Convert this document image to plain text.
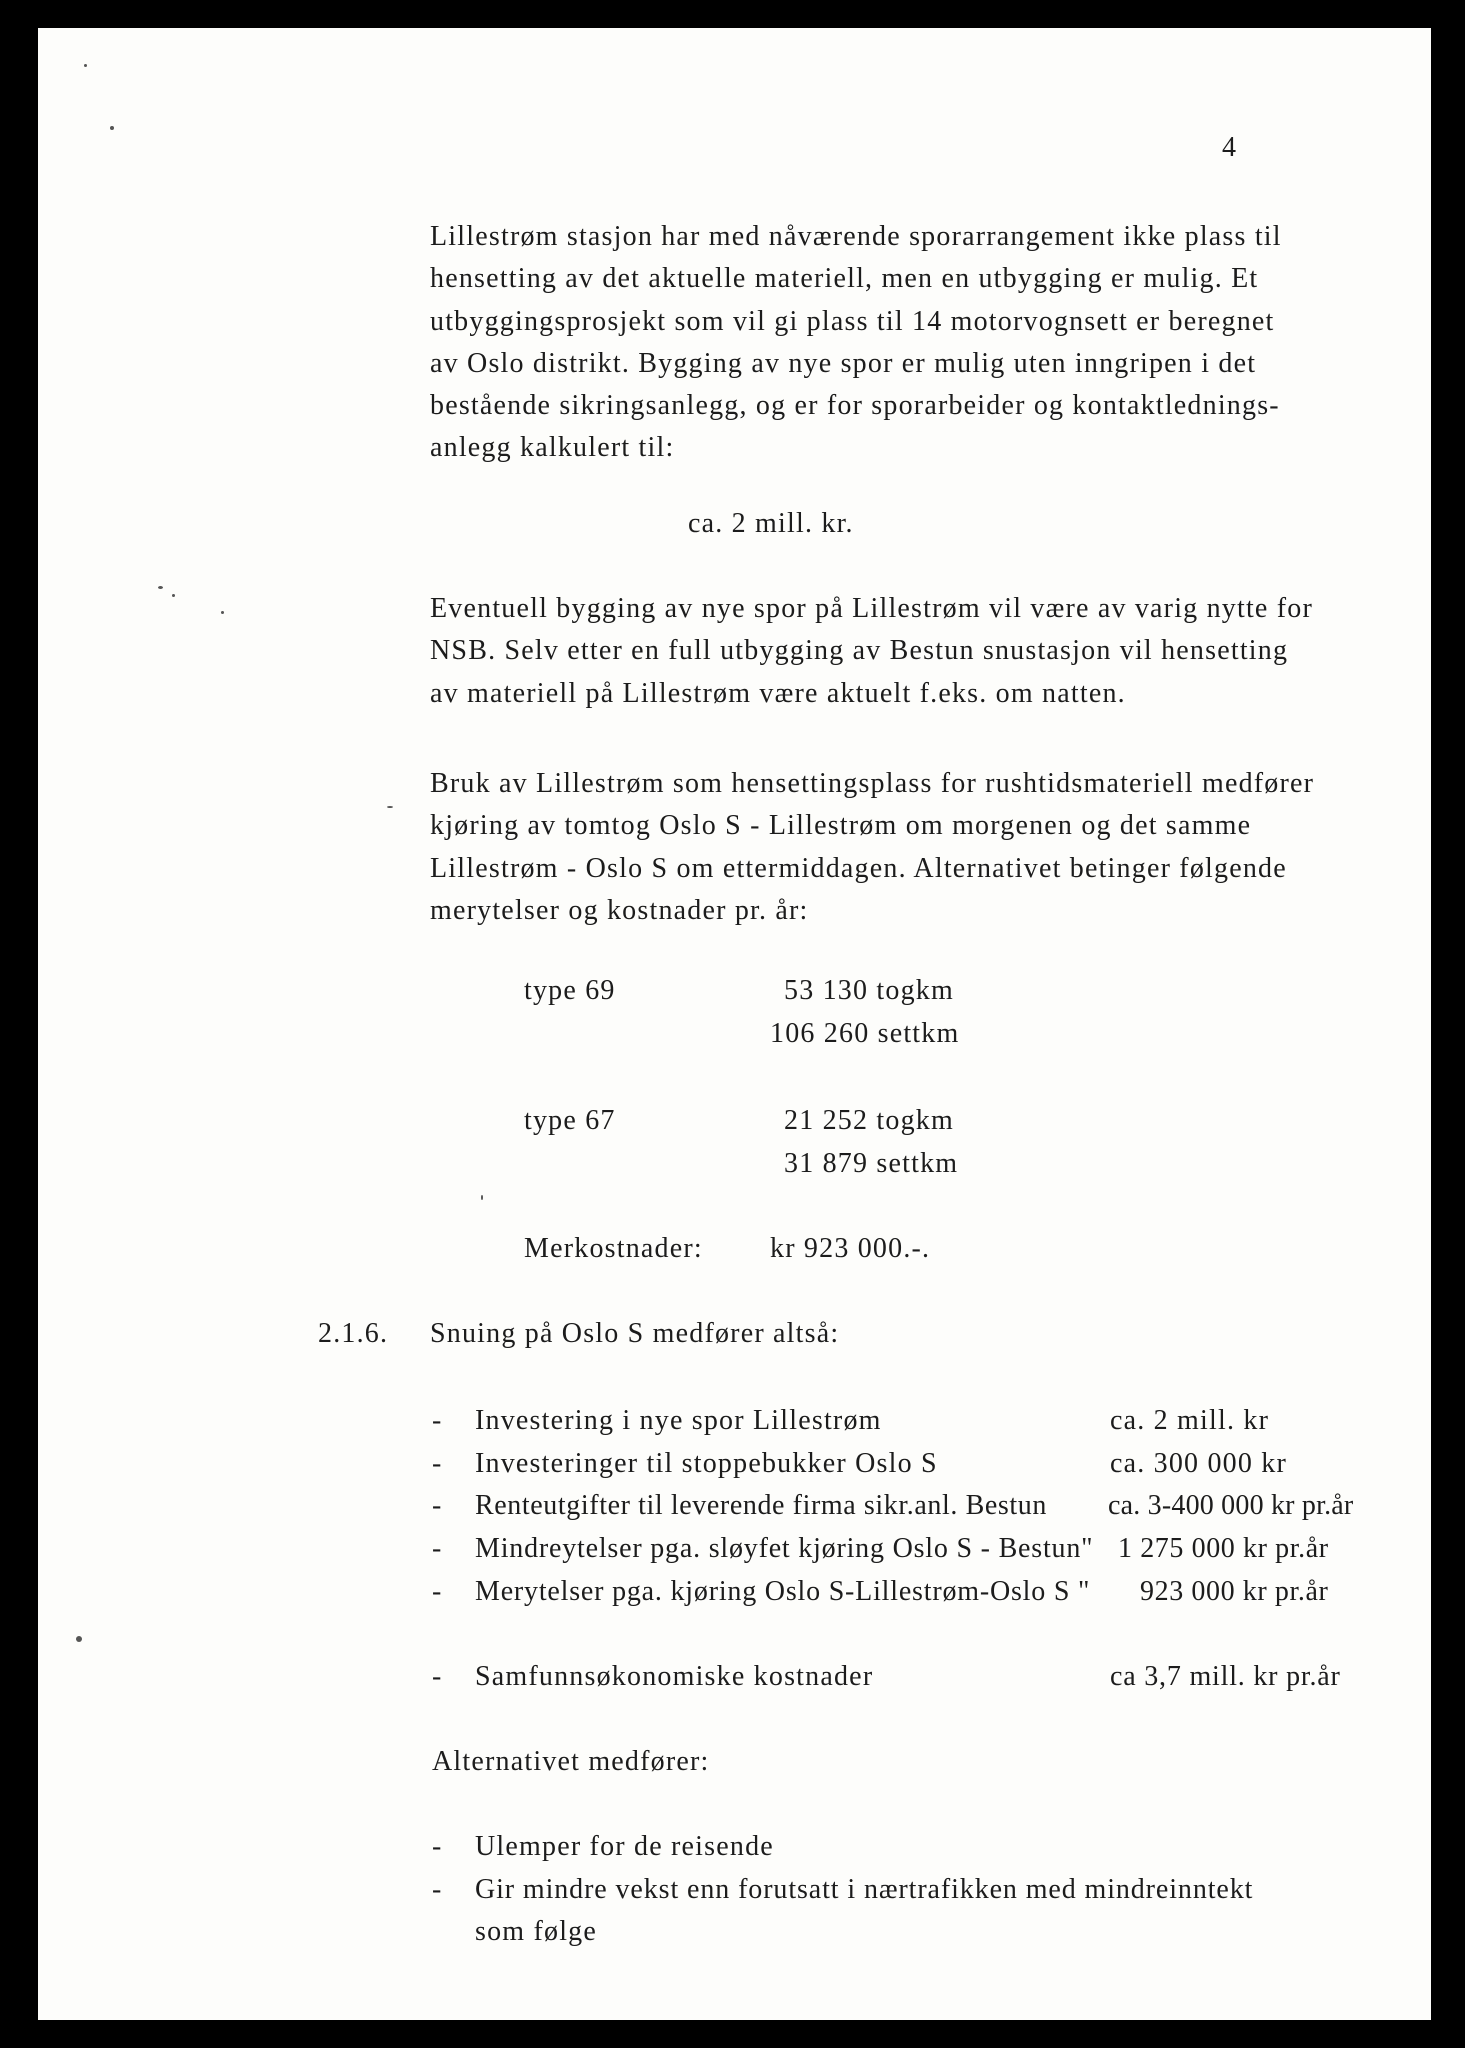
4
Lillestrøm stasjon har med nåværende sporarrangement ikke plass til
hensetting av det aktuelle materiell, men en utbygging er mulig. Et
utbyggingsprosjekt som vil gi plass til 14 motorvognsett er beregnet
av Oslo distrikt. Bygging av nye spor er mulig uten inngripen i det
bestående sikringsanlegg, og er for sporarbeider og kontaktlednings-
anlegg kalkulert til:
ca. 2 mill. kr.
Eventuell bygging av nye spor på Lillestrøm vil være av varig nytte for
NSB. Selv etter en full utbygging av Bestun snustasjon vil hensetting
av materiell på Lillestrøm være aktuelt f.eks. om natten.
Bruk av Lillestrøm som hensettingsplass for rushtidsmateriell medfører
kjøring av tomtog Oslo S - Lillestrøm om morgenen og det samme
Lillestrøm - Oslo S om ettermiddagen. Alternativet betinger følgende
merytelser og kostnader pr. år:
type 69	53 130 togkm
106 260 settkm
type 67	21 252 togkm
31 879 settkm
Merkostnader: kr 923 000.-.
2.1.6. Snuing på Oslo S medfører altså:
- Investering i nye spor Lillestrøm	ca. 2 mill. kr
- Investeringer til stoppebukker Oslo S	ca. 300 000 kr
- Renteutgifter til leverende firma sikr.anl. Bestun ca. 3-400 000 kr pr.år
- Mindreytelser pga. sløyfet kjøring Oslo S - Bestun" 1 275 000 kr pr.år
- Merytelser pga. kjøring Oslo S-Lillestrøm-Oslo S " 923 000 kr pr.år
- Samfunnsøkonomiske kostnader	ca 3,7 mill. kr pr.år
Alternativet medfører:
- Ulemper for de reisende
- Gir mindre vekst enn forutsatt i nærtrafikken med mindreinntekt
som følge
